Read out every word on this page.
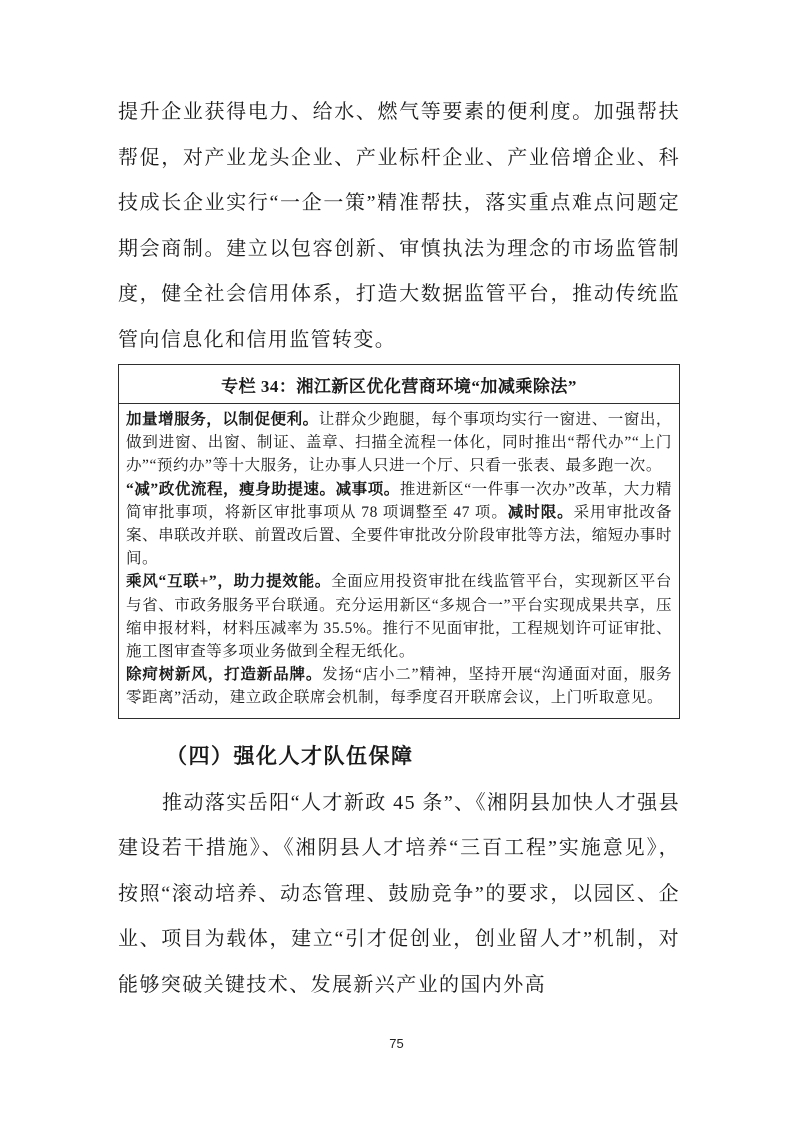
提升企业获得电力、给水、燃气等要素的便利度。加强帮扶帮促，对产业龙头企业、产业标杆企业、产业倍增企业、科技成长企业实行“一企一策”精准帮扶，落实重点难点问题定期会商制。建立以包容创新、审慎执法为理念的市场监管制度，健全社会信用体系，打造大数据监管平台，推动传统监管向信息化和信用监管转变。

专栏 34：湘江新区优化营商环境“加减乘除法”

加量增服务，以制促便利。让群众少跑腿，每个事项均实行一窗进、一窗出，做到进窗、出窗、制证、盖章、扫描全流程一体化，同时推出“帮代办”“上门办”“预约办”等十大服务，让办事人只进一个厅、只看一张表、最多跑一次。

“减”政优流程，瘦身助提速。减事项。推进新区“一件事一次办”改革，大力精简审批事项，将新区审批事项从 78 项调整至 47 项。减时限。采用审批改备案、串联改并联、前置改后置、全要件审批改分阶段审批等方法，缩短办事时间。

乘风“互联+”，助力提效能。全面应用投资审批在线监管平台，实现新区平台与省、市政务服务平台联通。充分运用新区“多规合一”平台实现成果共享，压缩申报材料，材料压减率为 35.5%。推行不见面审批，工程规划许可证审批、施工图审查等多项业务做到全程无纸化。

除疴树新风，打造新品牌。发扬“店小二”精神，坚持开展“沟通面对面，服务零距离”活动，建立政企联席会机制，每季度召开联席会议，上门听取意见。

（四）强化人才队伍保障

推动落实岳阳“人才新政 45 条”、《湘阴县加快人才强县建设若干措施》、《湘阴县人才培养“三百工程”实施意见》，按照“滚动培养、动态管理、鼓励竞争”的要求，以园区、企业、项目为载体，建立“引才促创业，创业留人才”机制，对能够突破关键技术、发展新兴产业的国内外高

75
